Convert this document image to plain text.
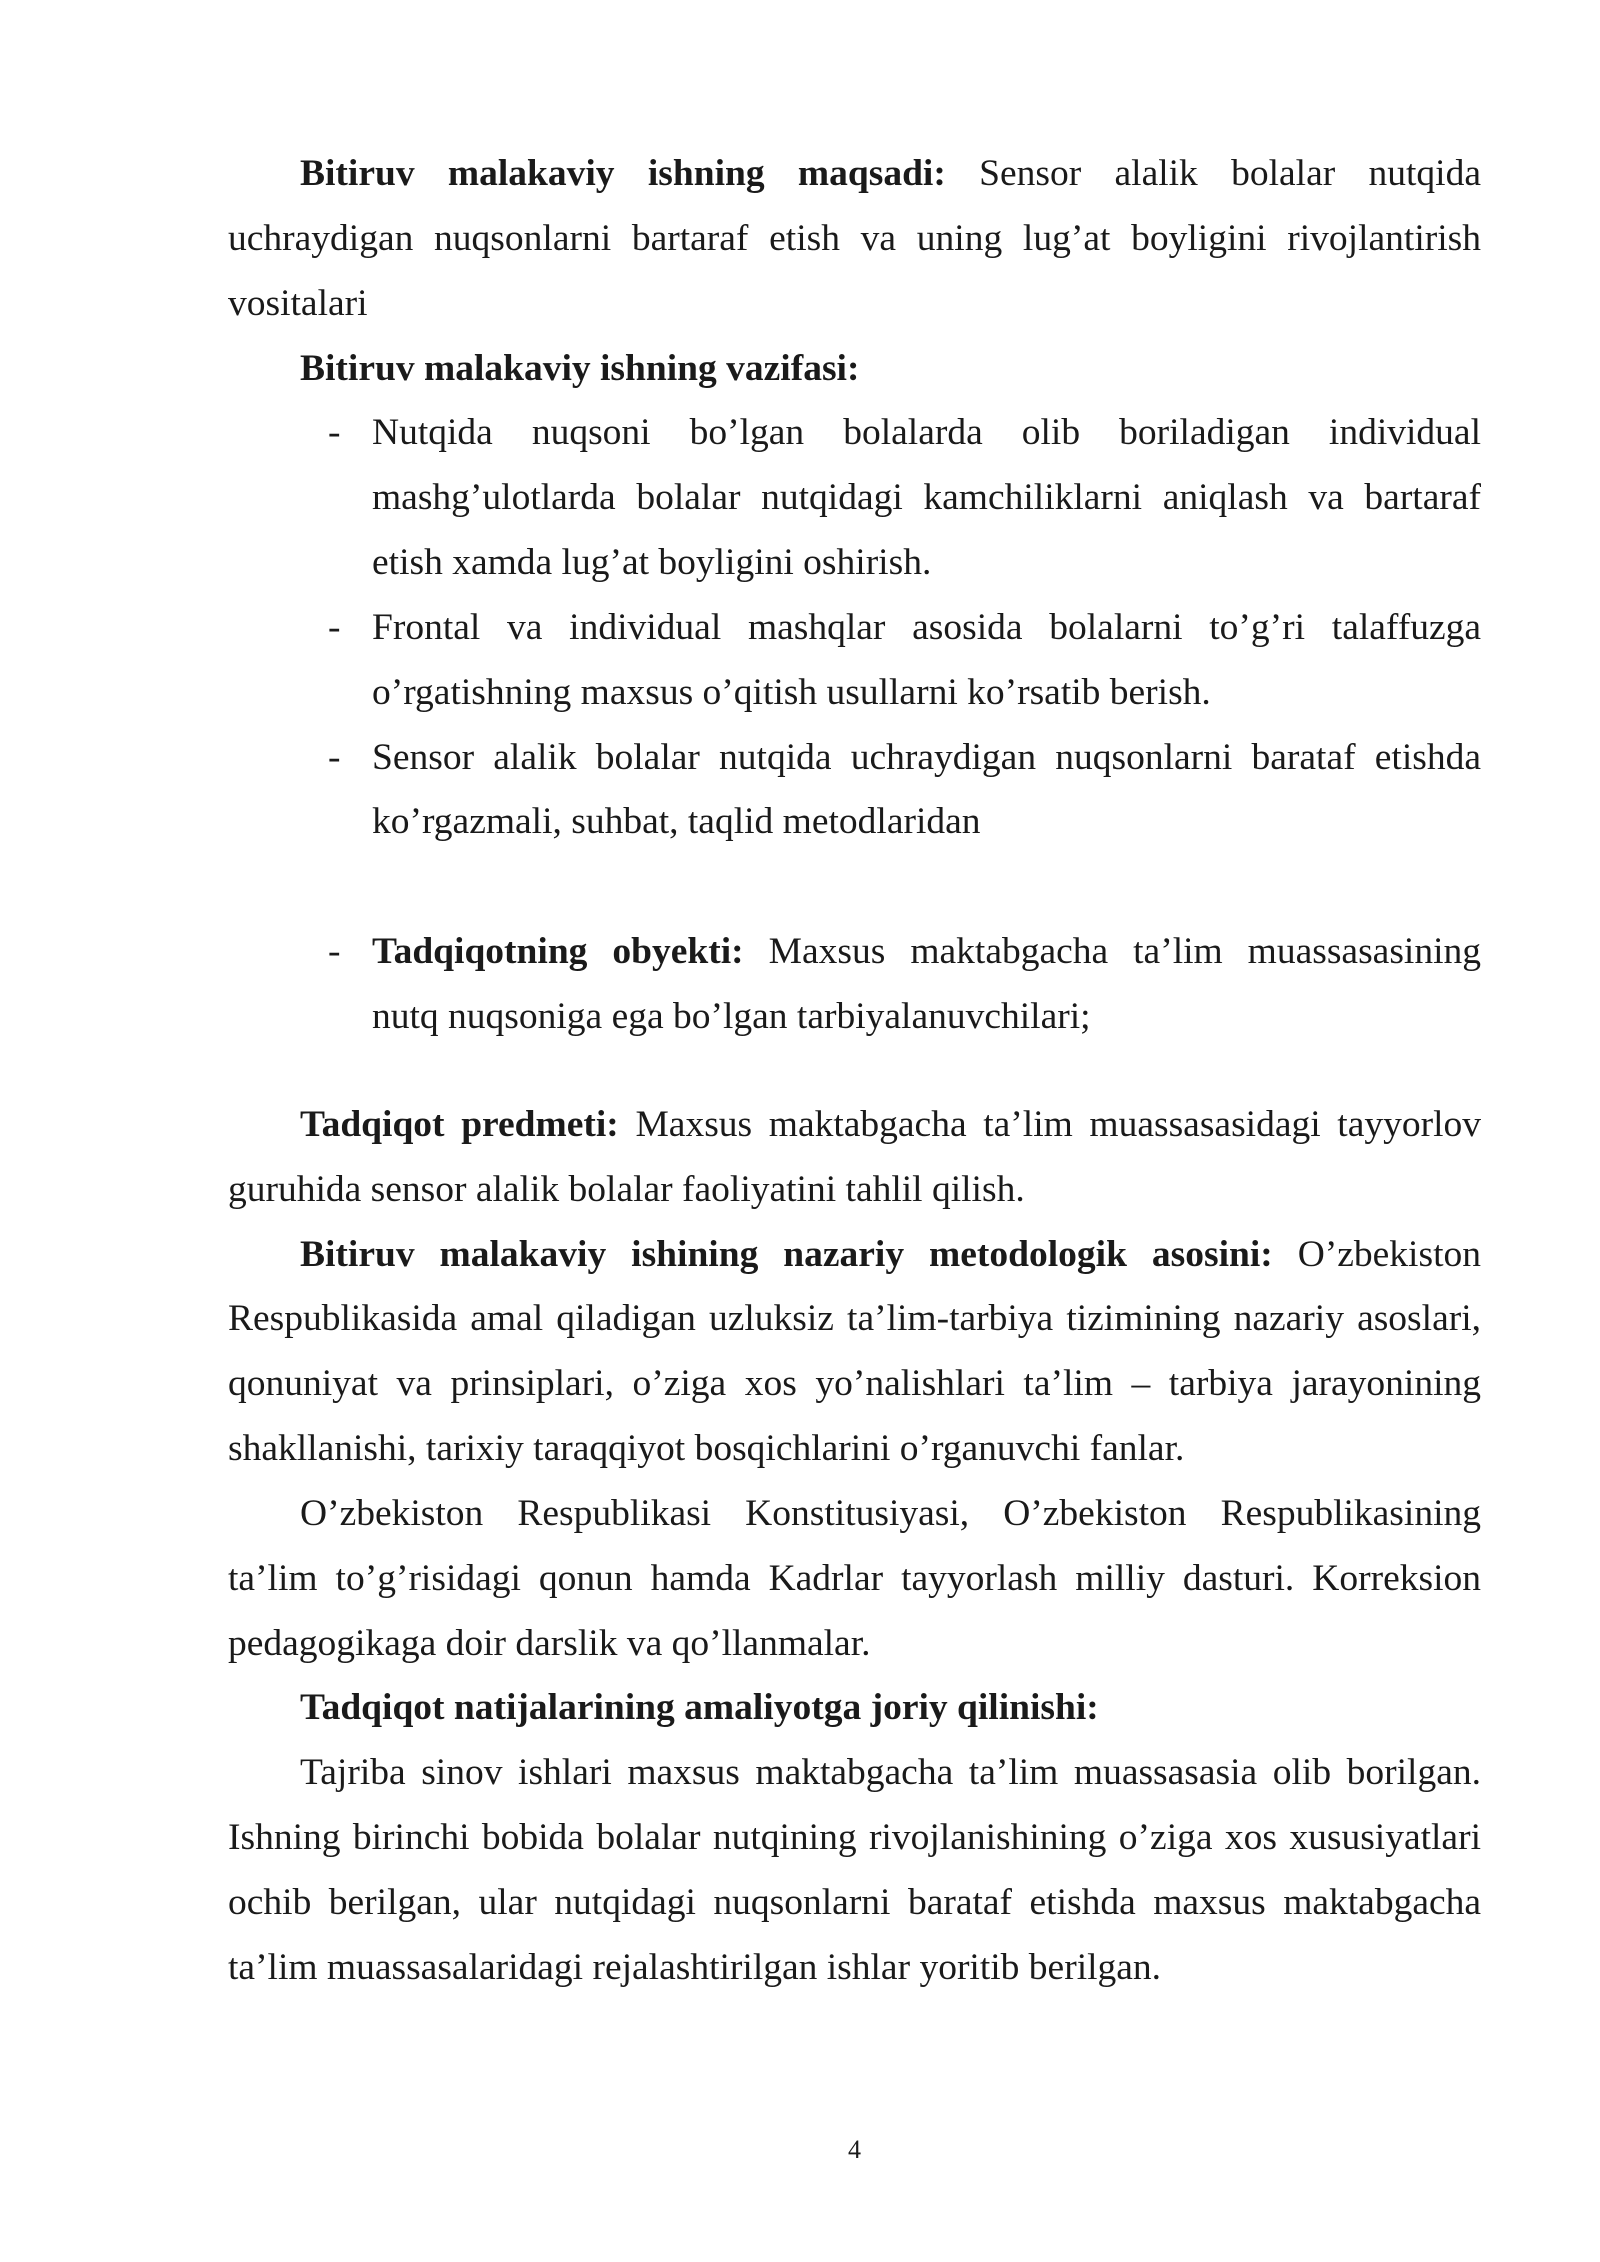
Bitiruv malakaviy ishning maqsadi: Sensor alalik bolalar nutqida
uchraydigan nuqsonlarni bartaraf etish va uning lug’at boyligini rivojlantirish
vositalari
Bitiruv malakaviy ishning vazifasi:
- Nutqida nuqsoni bo’lgan bolalarda olib boriladigan individual
mashg’ulotlarda bolalar nutqidagi kamchiliklarni aniqlash va bartaraf
etish xamda lug’at boyligini oshirish.
- Frontal va individual mashqlar asosida bolalarni to’g’ri talaffuzga
o’rgatishning maxsus o’qitish usullarni ko’rsatib berish.
- Sensor alalik bolalar nutqida uchraydigan nuqsonlarni barataf etishda
ko’rgazmali, suhbat, taqlid metodlaridan
- Tadqiqotning obyekti: Maxsus maktabgacha ta’lim muassasasining
nutq nuqsoniga ega bo’lgan tarbiyalanuvchilari;
Tadqiqot predmeti: Maxsus maktabgacha ta’lim muassasasidagi tayyorlov
guruhida sensor alalik bolalar faoliyatini tahlil qilish.
Bitiruv malakaviy ishining nazariy metodologik asosini: O’zbekiston
Respublikasida amal qiladigan uzluksiz ta’lim-tarbiya tizimining nazariy asoslari,
qonuniyat va prinsiplari, o’ziga xos yo’nalishlari ta’lim – tarbiya jarayonining
shakllanishi, tarixiy taraqqiyot bosqichlarini o’rganuvchi fanlar.
O’zbekiston Respublikasi Konstitusiyasi, O’zbekiston Respublikasining
ta’lim to’g’risidagi qonun hamda Kadrlar tayyorlash milliy dasturi. Korreksion
pedagogikaga doir darslik va qo’llanmalar.
Tadqiqot natijalarining amaliyotga joriy qilinishi:
Tajriba sinov ishlari maxsus maktabgacha ta’lim muassasasia olib borilgan.
Ishning birinchi bobida bolalar nutqining rivojlanishining o’ziga xos xususiyatlari
ochib berilgan, ular nutqidagi nuqsonlarni barataf etishda maxsus maktabgacha
ta’lim muassasalaridagi rejalashtirilgan ishlar yoritib berilgan.
4
